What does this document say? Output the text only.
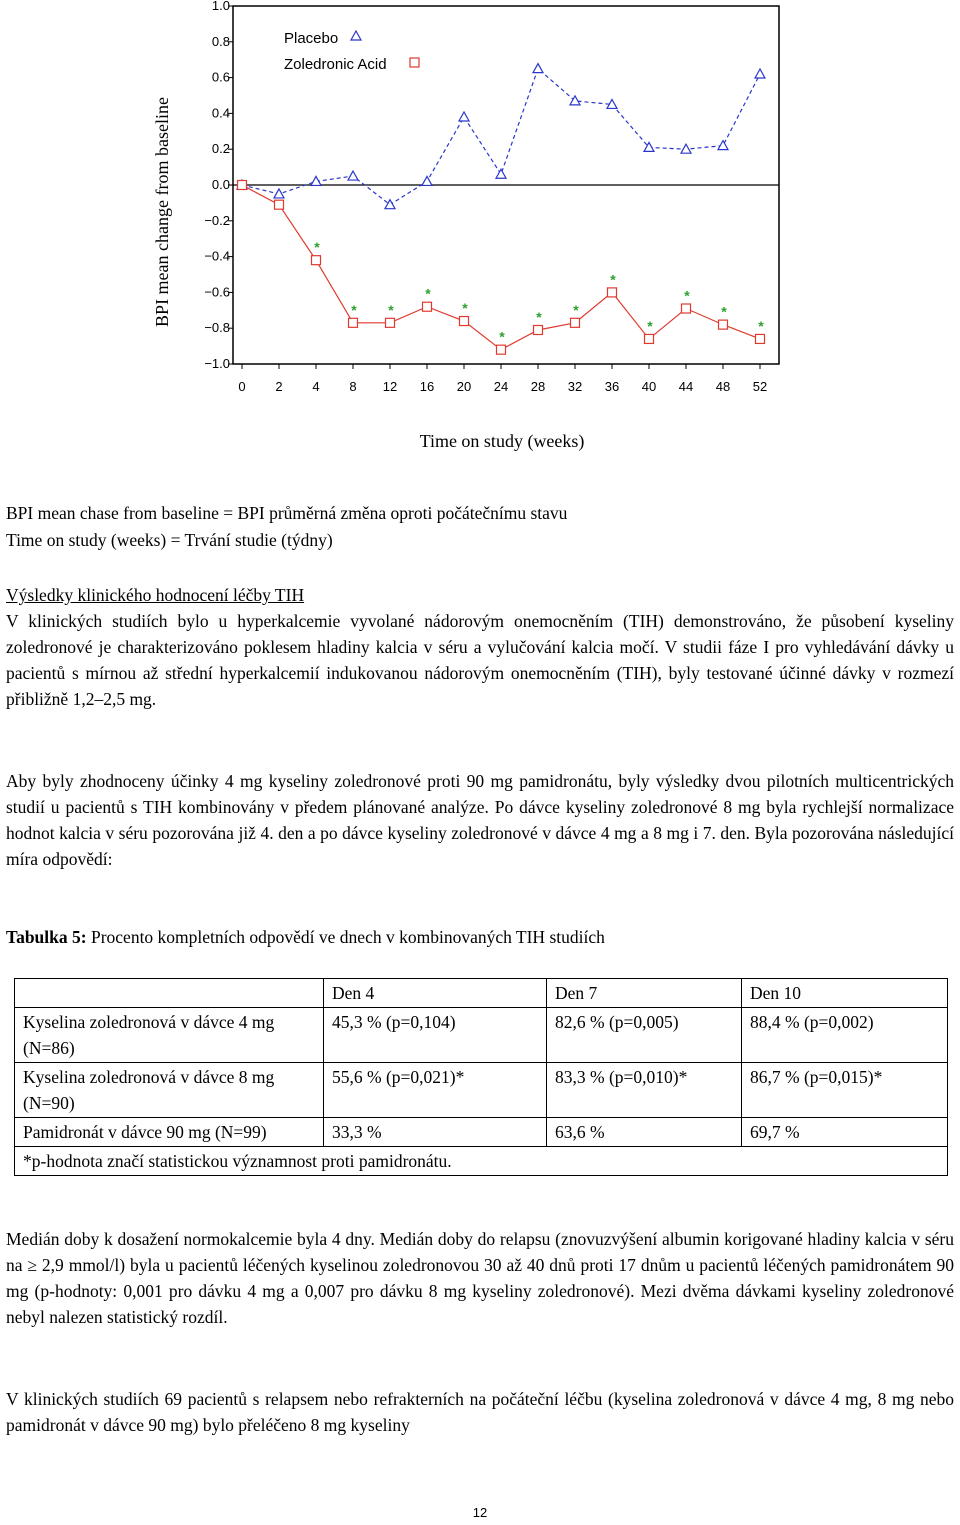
1.0
0.8
0.6
0.4
0.2
0.0
−0.2
−0.4
−0.6
−0.8
−1.0
0 2 4 8 12 16 20 24 28 32 36 40 44 48 52
Time on study (weeks)
BPI mean change from baseline	*
* *
*
*
*
* *
*
*
*
*
*
Placebo
Zoledronic Acid

BPI mean chase from baseline = BPI průměrná změna oproti počátečnímu stavu

Time on study (weeks) = Trvání studie (týdny)

Výsledky klinického hodnocení léčby TIH

V klinických studiích bylo u hyperkalcemie vyvolané nádorovým onemocněním (TIH) demonstrováno, že působení kyseliny zoledronové je charakterizováno poklesem hladiny kalcia v séru a vylučování kalcia močí. V studii fáze I pro vyhledávání dávky u pacientů s mírnou až střední hyperkalcemií indukovanou nádorovým onemocněním (TIH), byly testované účinné dávky v rozmezí přibližně 1,2–2,5 mg.

Aby byly zhodnoceny účinky 4 mg kyseliny zoledronové proti 90 mg pamidronátu, byly výsledky dvou pilotních multicentrických studií u pacientů s TIH kombinovány v předem plánované analýze. Po dávce kyseliny zoledronové 8 mg byla rychlejší normalizace hodnot kalcia v séru pozorována již 4. den a po dávce kyseliny zoledronové v dávce 4 mg a 8 mg i 7. den. Byla pozorována následující míra odpovědí:

Tabulka 5: Procento kompletních odpovědí ve dnech v kombinovaných TIH studiích
	Den 4	Den 7	Den 10
Kyselina zoledronová v dávce 4 mg (N=86)	45,3 % (p=0,104)	82,6 % (p=0,005)	88,4 % (p=0,002)
Kyselina zoledronová v dávce 8 mg (N=90)	55,6 % (p=0,021)*	83,3 % (p=0,010)*	86,7 % (p=0,015)*
Pamidronát v dávce 90 mg (N=99)	33,3 %	63,6 %	69,7 %
*p-hodnota značí statistickou významnost proti pamidronátu.			

Medián doby k dosažení normokalcemie byla 4 dny. Medián doby do relapsu (znovuzvýšení albumin korigované hladiny kalcia v séru na ≥ 2,9 mmol/l) byla u pacientů léčených kyselinou zoledronovou 30 až 40 dnů proti 17 dnům u pacientů léčených pamidronátem 90 mg (p-hodnoty: 0,001 pro dávku 4 mg a 0,007 pro dávku 8 mg kyseliny zoledronové). Mezi dvěma dávkami kyseliny zoledronové nebyl nalezen statistický rozdíl.

V klinických studiích 69 pacientů s relapsem nebo refrakterních na počáteční léčbu (kyselina zoledronová v dávce 4 mg, 8 mg nebo pamidronát v dávce 90 mg) bylo přeléčeno 8 mg kyseliny

12
